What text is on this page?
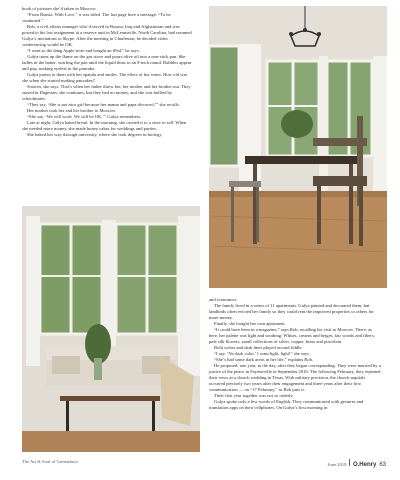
book of pictures she’d taken in Moscow.

“From Russia, With Love,” it was titled. The last page bore a message: “To be continued.”

Rob, a civil affairs manager who’d served in Bosnia, Iraq and Afghanistan and was posted to his last assignment at a reserve unit in McLeansville, North Carolina, had resumed Gulya’s invitations to Skype. After the meeting in Charleston, he decided video conferencing would be OK.

“I went to the dang Apple store and bought an iPad,” he says.

Gulya turns up the flame on the gas stove and pours olive oil into a non-stick pan. She ladles in the batter, swirling the pan until the liquid thins to an 8-inch round. Bubbles appear and pop, making eyelets in the pancake.

Gulya points to them with her spatula and smiles. The effect of hot water. How old was she when she started making pancakes?

Sixteen, she says. That’s when her father threw her, her mother and her brother out. They stayed in Dagestan, she continues, but they had no money, and she was bullied by schoolmates.

“They say, ‘She is not nice girl because her mama and papa divorced,’” she recalls.

Her mother took her and her brother to Moscow.

“She say, ‘We will work. We will be OK,’” Gulya remembers.

Late at night, Gulya baked bread. In the morning, she carried it to a store to sell. When she needed more money, she made honey cakes for weddings and parties.

She baked her way through university, where she took degrees in biology

and economics.

The family lived in a series of 11 apartments. Gulya painted and decorated them, but landlords often evicted her family so they could rent the improved properties to others for more money.

Finally, she bought her own apartment.

“It could have been in a magazine,” says Rob, recalling his visit to Moscow. There, as here, her palette was light and soothing: Whites, creams and beiges, fair woods and fibers, pale silk flowers, small collections of silver, copper, brass and porcelain.

Bold colors and dark lines played second fiddle.

“I say, ‘No dark color.’ I want light, light!” she says.

“She’s had some dark areas in her life,” explains Rob.

He proposed: one year, to the day, after they began corresponding. They were married by a justice of the peace in Fayetteville in September 2016. The following February, they repeated their vows at a church wedding in Texas. With military precision, the church nuptials occurred precisely two years after their engagement and three years after their first communication — on “17 February,” as Rob puts it.

Their first year together was not so orderly.

Gulya spoke only a few words of English. They communicated with gestures and translation apps on their cellphones. On Gulya’s first morning in

The Art & Soul of Greensboro
June 2019 O.Henry 63
